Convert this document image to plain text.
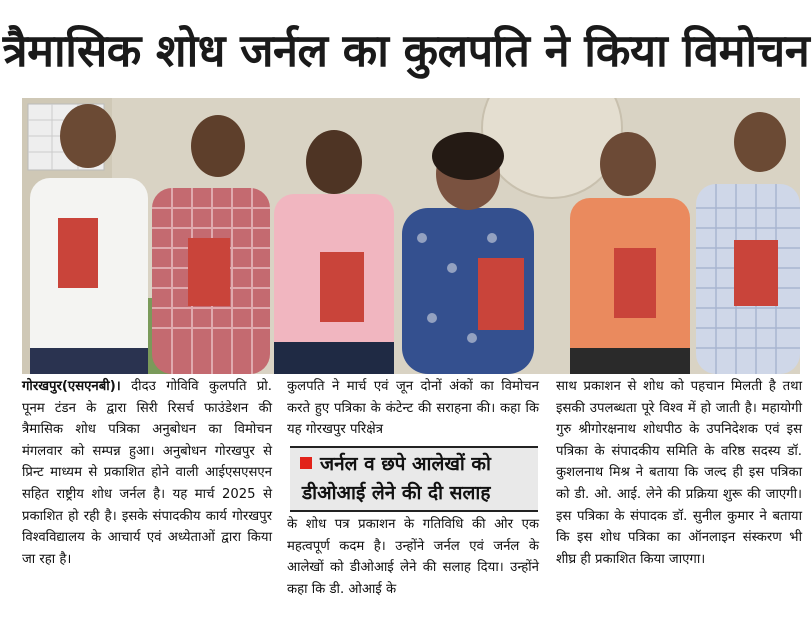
त्रैमासिक शोध जर्नल का कुलपति ने किया विमोचन
गोरखपुर(एसएनबी)। दीदउ गोविवि कुलपति प्रो. पूनम टंडन के द्वारा सिरी रिसर्च फाउंडेशन की त्रैमासिक शोध पत्रिका अनुबोधन का विमोचन मंगलवार को सम्पन्न हुआ। अनुबोधन गोरखपुर से प्रिन्ट माध्यम से प्रकाशित होने वाली आईएसएसएन सहित राष्ट्रीय शोध जर्नल है। यह मार्च 2025 से प्रकाशित हो रही है। इसके संपादकीय कार्य गोरखपुर विश्वविद्यालय के आचार्य एवं अध्येताओं द्वारा किया जा रहा है।
कुलपति ने मार्च एवं जून दोनों अंकों का विमोचन करते हुए पत्रिका के कंटेन्ट की सराहना की। कहा कि यह गोरखपुर परिक्षेत्र
जर्नल व छपे आलेखों को डीओआई लेने की दी सलाह
के शोध पत्र प्रकाशन के गतिविधि की ओर एक महत्वपूर्ण कदम है। उन्होंने जर्नल एवं जर्नल के आलेखों को डीओआई लेने की सलाह दिया। उन्होंने कहा कि डी. ओआई के
साथ प्रकाशन से शोध को पहचान मिलती है तथा इसकी उपलब्धता पूरे विश्व में हो जाती है। महायोगी गुरु श्रीगोरक्षनाथ शोधपीठ के उपनिदेशक एवं इस पत्रिका के संपादकीय समिति के वरिष्ठ सदस्य डॉ. कुशलनाथ मिश्र ने बताया कि जल्द ही इस पत्रिका को डी. ओ. आई. लेने की प्रक्रिया शुरू की जाएगी। इस पत्रिका के संपादक डॉ. सुनील कुमार ने बताया कि इस शोध पत्रिका का ऑनलाइन संस्करण भी शीघ्र ही प्रकाशित किया जाएगा।
